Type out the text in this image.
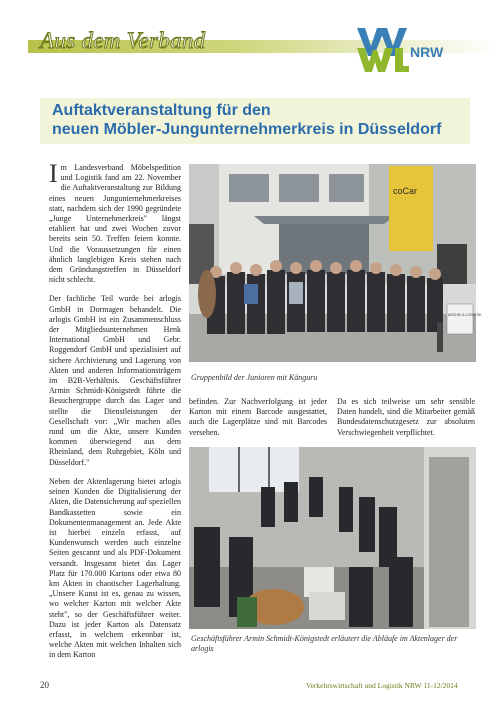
Aus dem Verband	NRW
Auftaktveranstaltung für den
neuen Möbler-Jungunternehmerkreis in Düsseldorf

Im Landesverband Möbelspedition und Logistik fand am 22. November die Auftaktveranstaltung zur Bildung eines neuen Jungunternehmerkreises statt, nachdem sich der 1990 gegründete „Junge Unternehmerkreis" längst etabliert hat und zwei Wochen zuvor bereits sein 50. Treffen feiern konnte. Und die Voraussetzungen für einen ähnlich langlebigen Kreis stehen nach dem Gründungstreffen in Düsseldorf nicht schlecht.

Der fachliche Teil wurde bei arlogis GmbH in Dormagen behandelt. Die arlogis GmbH ist ein Zusammenschluss der Mitgliedsunternehmen Henk International GmbH und Gebr. Roggendorf GmbH und spezialisiert auf sichere Archivierung und Lagerung von Akten und anderen Informationsträgern im B2B-Verhältnis. Geschäftsführer Armin Schmidt-Königstedt führte die Besuchergruppe durch das Lager und stellte die Dienstleistungen der Gesellschaft vor: „Wir machen alles rund um die Akte, unsere Kunden kommen überwiegend aus dem Rheinland, dem Ruhrgebiet, Köln und Düsseldorf."

Neben der Aktenlagerung bietet arlogis seinen Kunden die Digitalisierung der Akten, die Datensicherung auf speziellen Bandkassetten sowie ein Dokumentenmanagement an. Jede Akte ist hierbei einzeln erfasst, auf Kundenwunsch werden auch einzelne Seiten gescannt und als PDF-Dokument versandt. Insgesamt bietet das Lager Platz für 170.000 Kartons oder etwa 80 km Akten in chaotischer Lagerhaltung. „Unsere Kunst ist es, genau zu wissen, wo welcher Karton mit welcher Akte steht", so der Geschäftsführer weiter. Dazu ist jeder Karton als Datensatz erfasst, in welchem erkennbar ist, welche Akten mit welchen Inhalten sich in dem Karton

coCar
ARCHIV & LOGISTIK
Gruppenbild der Junioren mit Känguru
befinden. Zur Nachverfolgung ist jeder Karton mit einem Barcode ausgestattet, auch die Lagerplätze sind mit Barcodes versehen.
Da es sich teilweise um sehr sensible Daten handelt, sind die Mitarbeiter gemäß Bundesdatenschutzgesetz zur absoluten Verschwiegenheit verpflichtet.
Geschäftsführer Armin Schmidt-Königstedt erläutert die Abläufe im Aktenlager der arlogis
20	Verkehrswirtschaft und Logistik NRW 11-12/2014
